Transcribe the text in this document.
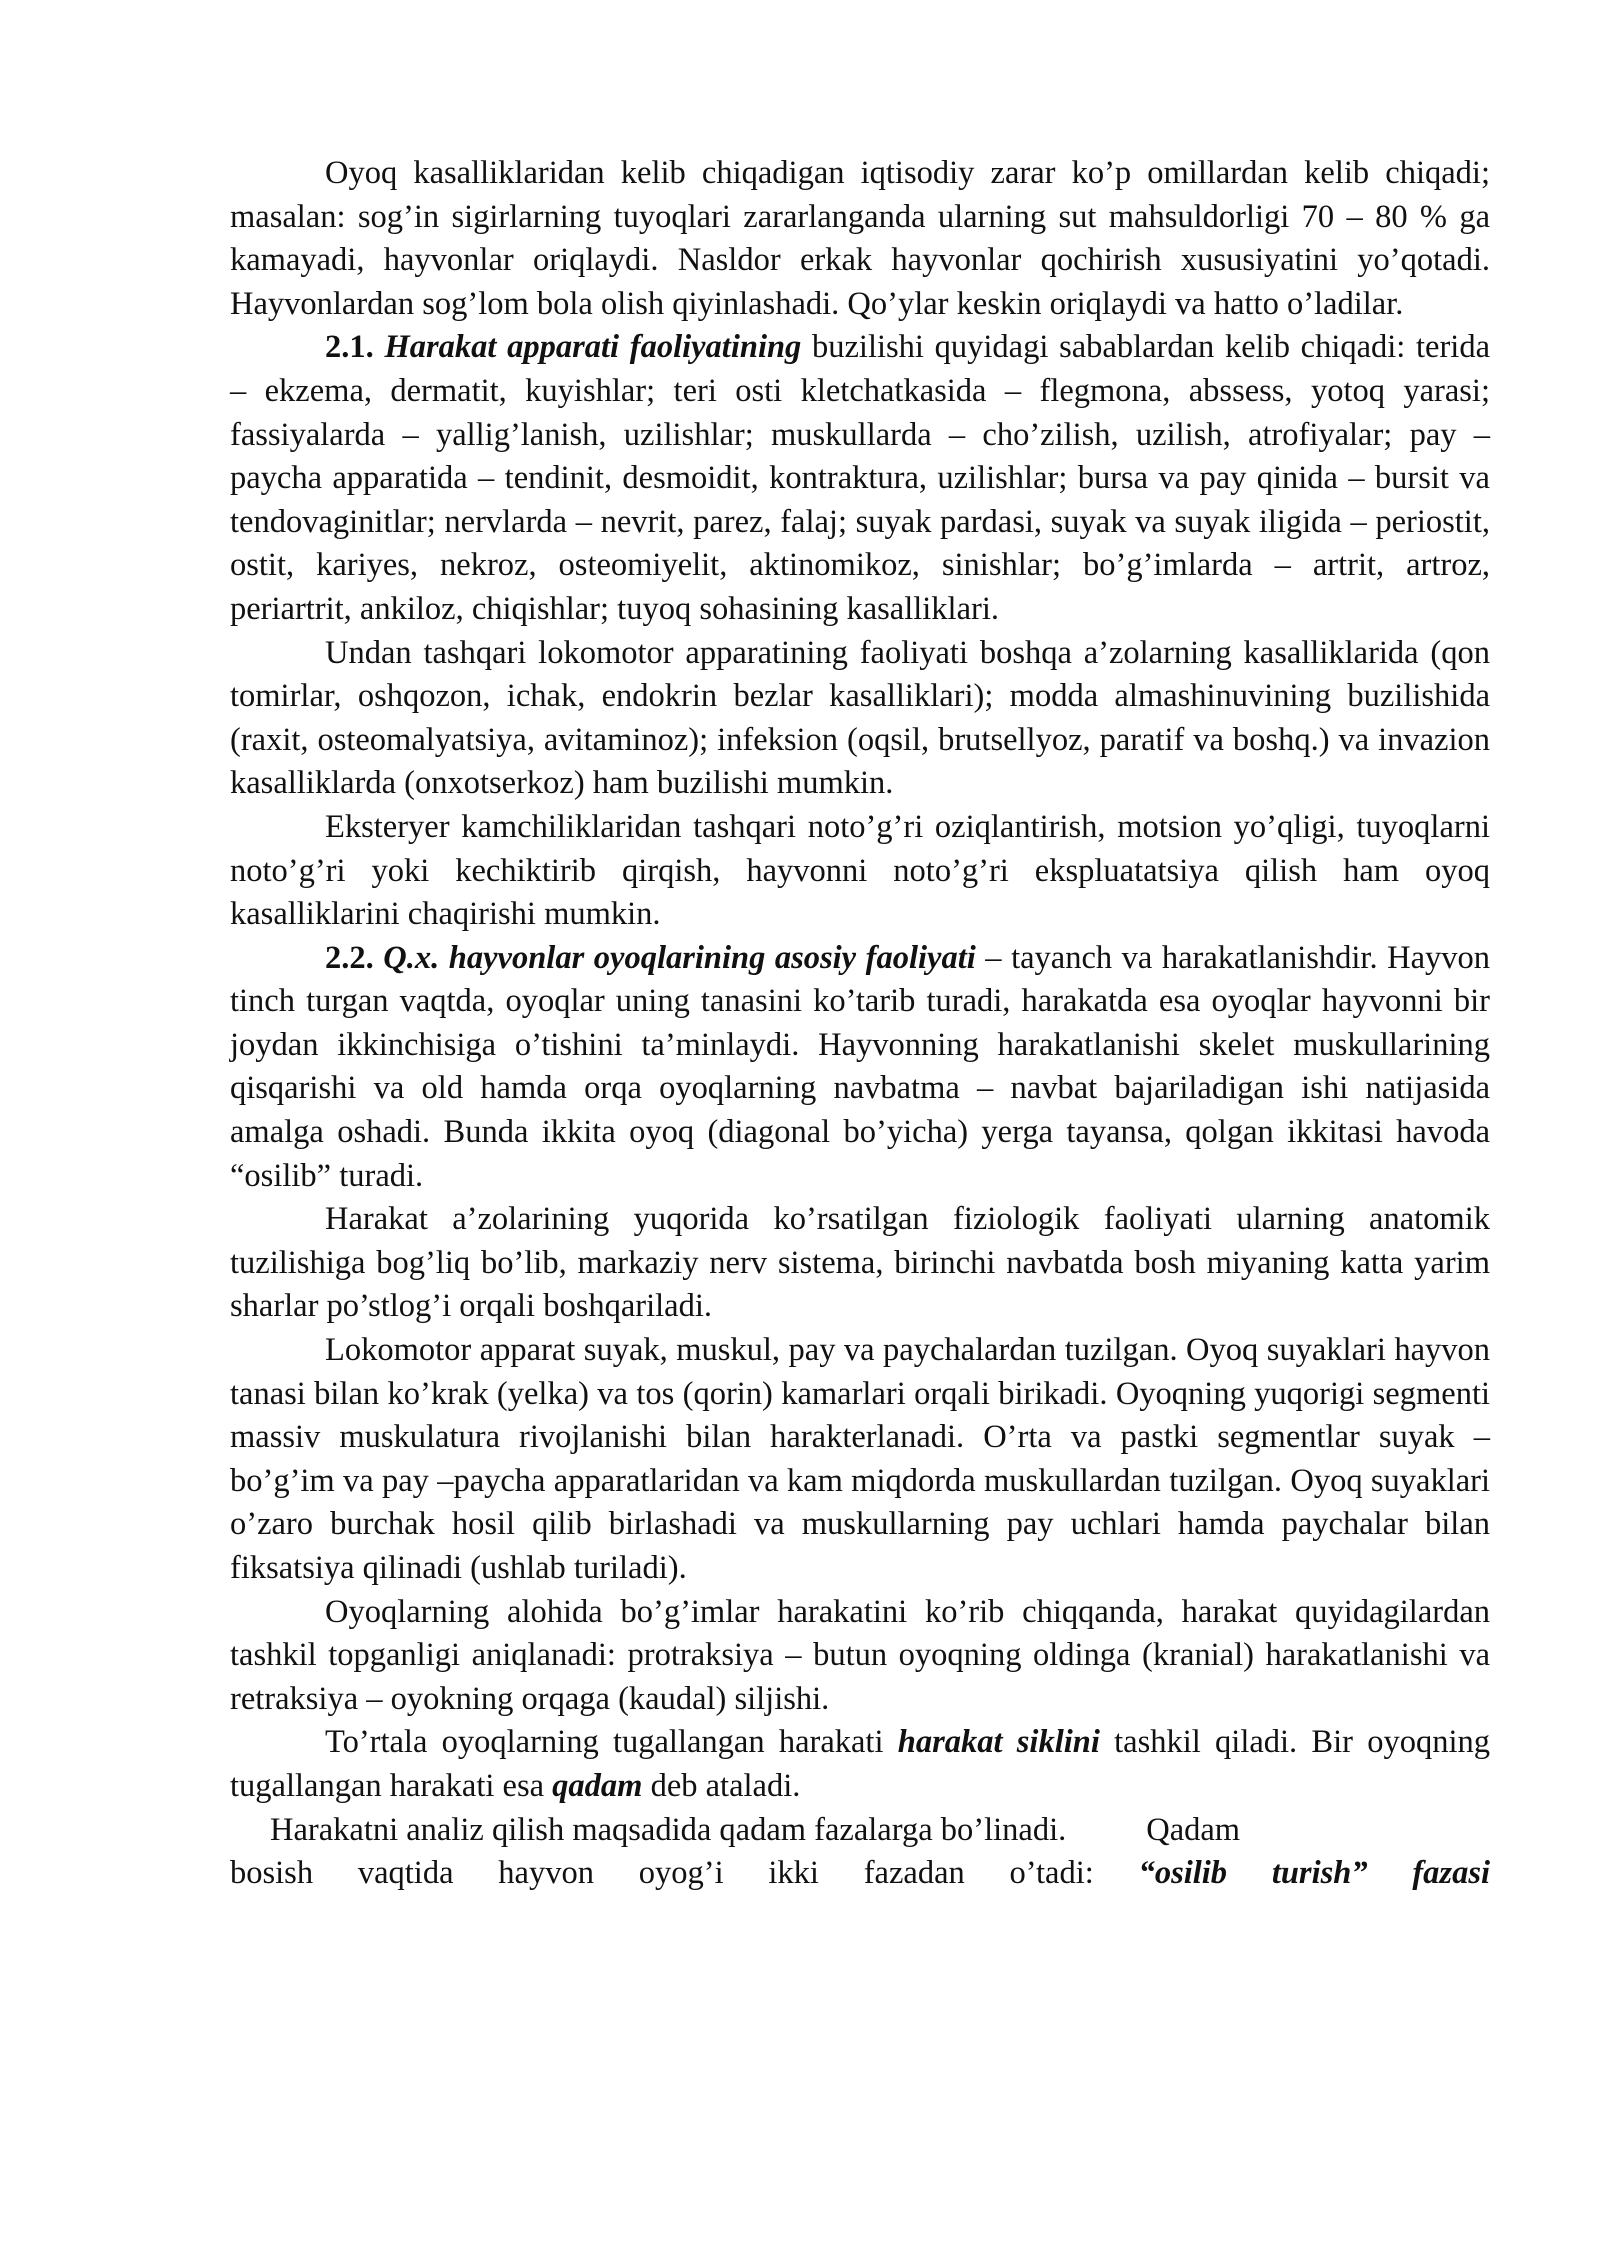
Oyoq kasalliklaridan kelib chiqadigan iqtisodiy zarar ko’p omillardan kelib chiqadi; masalan: sog’in sigirlarning tuyoqlari zararlanganda ularning sut mahsuldorligi 70 – 80 % ga kamayadi, hayvonlar oriqlaydi. Nasldor erkak hayvonlar qochirish xususiyatini yo’qotadi. Hayvonlardan sog’lom bola olish qiyinlashadi. Qo’ylar keskin oriqlaydi va hatto o’ladilar.

2.1. Harakat apparati faoliyatining buzilishi quyidagi sabablardan kelib chiqadi: terida – ekzema, dermatit, kuyishlar; teri osti kletchatkasida – flegmona, abssess, yotoq yarasi; fassiyalarda – yallig’lanish, uzilishlar; muskullarda – cho’zilish, uzilish, atrofiyalar; pay – paycha apparatida – tendinit, desmoidit, kontraktura, uzilishlar; bursa va pay qinida – bursit va tendovaginitlar; nervlarda – nevrit, parez, falaj; suyak pardasi, suyak va suyak iligida – periostit, ostit, kariyes, nekroz, osteomiyelit, aktinomikoz, sinishlar; bo’g’imlarda – artrit, artroz, periartrit, ankiloz, chiqishlar; tuyoq sohasining kasalliklari.

Undan tashqari lokomotor apparatining faoliyati boshqa a’zolarning kasalliklarida (qon tomirlar, oshqozon, ichak, endokrin bezlar kasalliklari); modda almashinuvining buzilishida (raxit, osteomalyatsiya, avitaminoz); infeksion (oqsil, brutsellyoz, paratif va boshq.) va invazion kasalliklarda (onxotserkoz) ham buzilishi mumkin.

Eksteryer kamchiliklaridan tashqari noto’g’ri oziqlantirish, motsion yo’qligi, tuyoqlarni noto’g’ri yoki kechiktirib qirqish, hayvonni noto’g’ri ekspluatatsiya qilish ham oyoq kasalliklarini chaqirishi mumkin.

2.2. Q.x. hayvonlar oyoqlarining asosiy faoliyati – tayanch va harakatlanishdir. Hayvon tinch turgan vaqtda, oyoqlar uning tanasini ko’tarib turadi, harakatda esa oyoqlar hayvonni bir joydan ikkinchisiga o’tishini ta’minlaydi. Hayvonning harakatlanishi skelet muskullarining qisqarishi va old hamda orqa oyoqlarning navbatma – navbat bajariladigan ishi natijasida amalga oshadi. Bunda ikkita oyoq (diagonal bo’yicha) yerga tayansa, qolgan ikkitasi havoda “osilib” turadi.

Harakat a’zolarining yuqorida ko’rsatilgan fiziologik faoliyati ularning anatomik tuzilishiga bog’liq bo’lib, markaziy nerv sistema, birinchi navbatda bosh miyaning katta yarim sharlar po’stlog’i orqali boshqariladi.

Lokomotor apparat suyak, muskul, pay va paychalardan tuzilgan. Oyoq suyaklari hayvon tanasi bilan ko’krak (yelka) va tos (qorin) kamarlari orqali birikadi. Oyoqning yuqorigi segmenti massiv muskulatura rivojlanishi bilan harakterlanadi. O’rta va pastki segmentlar suyak – bo’g’im va pay –paycha apparatlaridan va kam miqdorda muskullardan tuzilgan. Oyoq suyaklari o’zaro burchak hosil qilib birlashadi va muskullarning pay uchlari hamda paychalar bilan fiksatsiya qilinadi (ushlab turiladi).

Oyoqlarning alohida bo’g’imlar harakatini ko’rib chiqqanda, harakat quyidagilardan tashkil topganligi aniqlanadi: protraksiya – butun oyoqning oldinga (kranial) harakatlanishi va retraksiya – oyokning orqaga (kaudal) siljishi.

To’rtala oyoqlarning tugallangan harakati harakat siklini tashkil qiladi. Bir oyoqning tugallangan harakati esa qadam deb ataladi.

Harakatni analiz qilish maqsadida qadam fazalarga bo’linadi. Qadam

bosish vaqtida hayvon oyog’i ikki fazadan o’tadi: “osilib turish” fazasi
